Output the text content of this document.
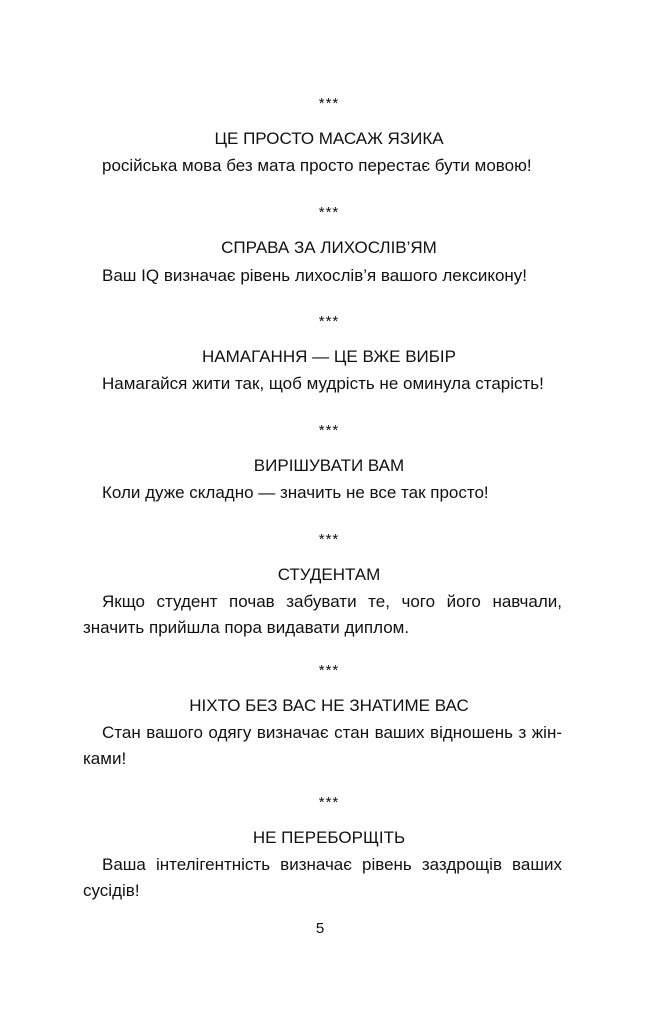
***
ЦЕ ПРОСТО МАСАЖ ЯЗИКА
російська мова без мата просто перестає бути мовою!
***
СПРАВА ЗА ЛИХОСЛІВ’ЯМ
Ваш IQ визначає рівень лихослів’я вашого лексикону!
***
НАМАГАННЯ — ЦЕ ВЖЕ ВИБІР
Намагайся жити так, щоб мудрість не оминула старість!
***
ВИРІШУВАТИ ВАМ
Коли дуже складно — значить не все так просто!
***
СТУДЕНТАМ
Якщо студент почав забувати те, чого його навчали,
значить прийшла пора видавати диплом.
***
НІХТО БЕЗ ВАС НЕ ЗНАТИМЕ ВАС
Стан вашого одягу визначає стан ваших відношень з жін-
ками!
***
НЕ ПЕРЕБОРЩІТЬ
Ваша інтелігентність визначає рівень заздрощів ваших
сусідів!
5
